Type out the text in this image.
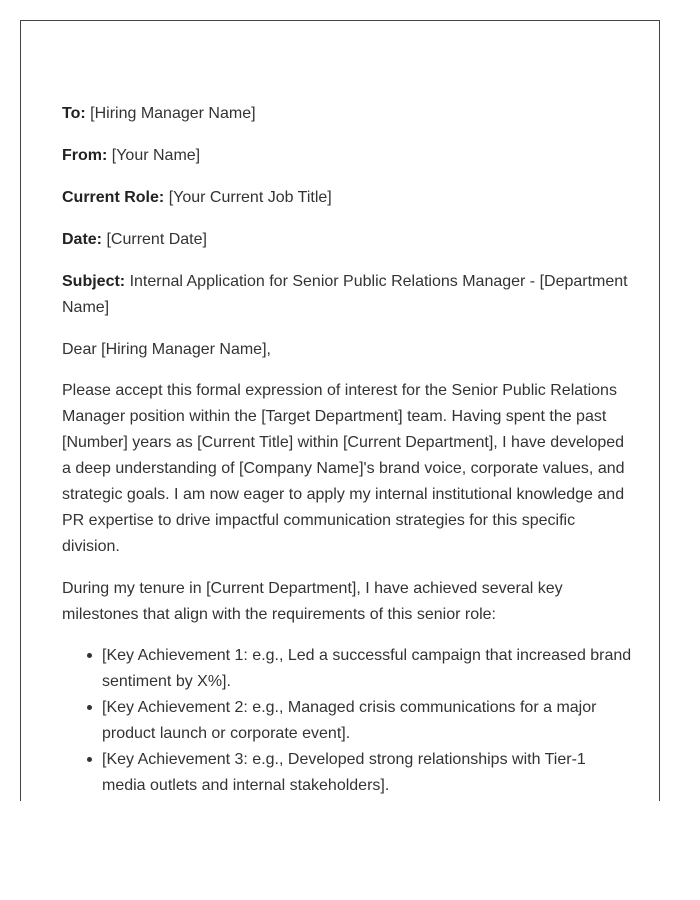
To: [Hiring Manager Name]

From: [Your Name]

Current Role: [Your Current Job Title]

Date: [Current Date]

Subject: Internal Application for Senior Public Relations Manager - [Department Name]

Dear [Hiring Manager Name],

Please accept this formal expression of interest for the Senior Public Relations Manager position within the [Target Department] team. Having spent the past [Number] years as [Current Title] within [Current Department], I have developed a deep understanding of [Company Name]'s brand voice, corporate values, and strategic goals. I am now eager to apply my internal institutional knowledge and PR expertise to drive impactful communication strategies for this specific division.

During my tenure in [Current Department], I have achieved several key milestones that align with the requirements of this senior role:

[Key Achievement 1: e.g., Led a successful campaign that increased brand sentiment by X%].
[Key Achievement 2: e.g., Managed crisis communications for a major product launch or corporate event].
[Key Achievement 3: e.g., Developed strong relationships with Tier-1 media outlets and internal stakeholders].
